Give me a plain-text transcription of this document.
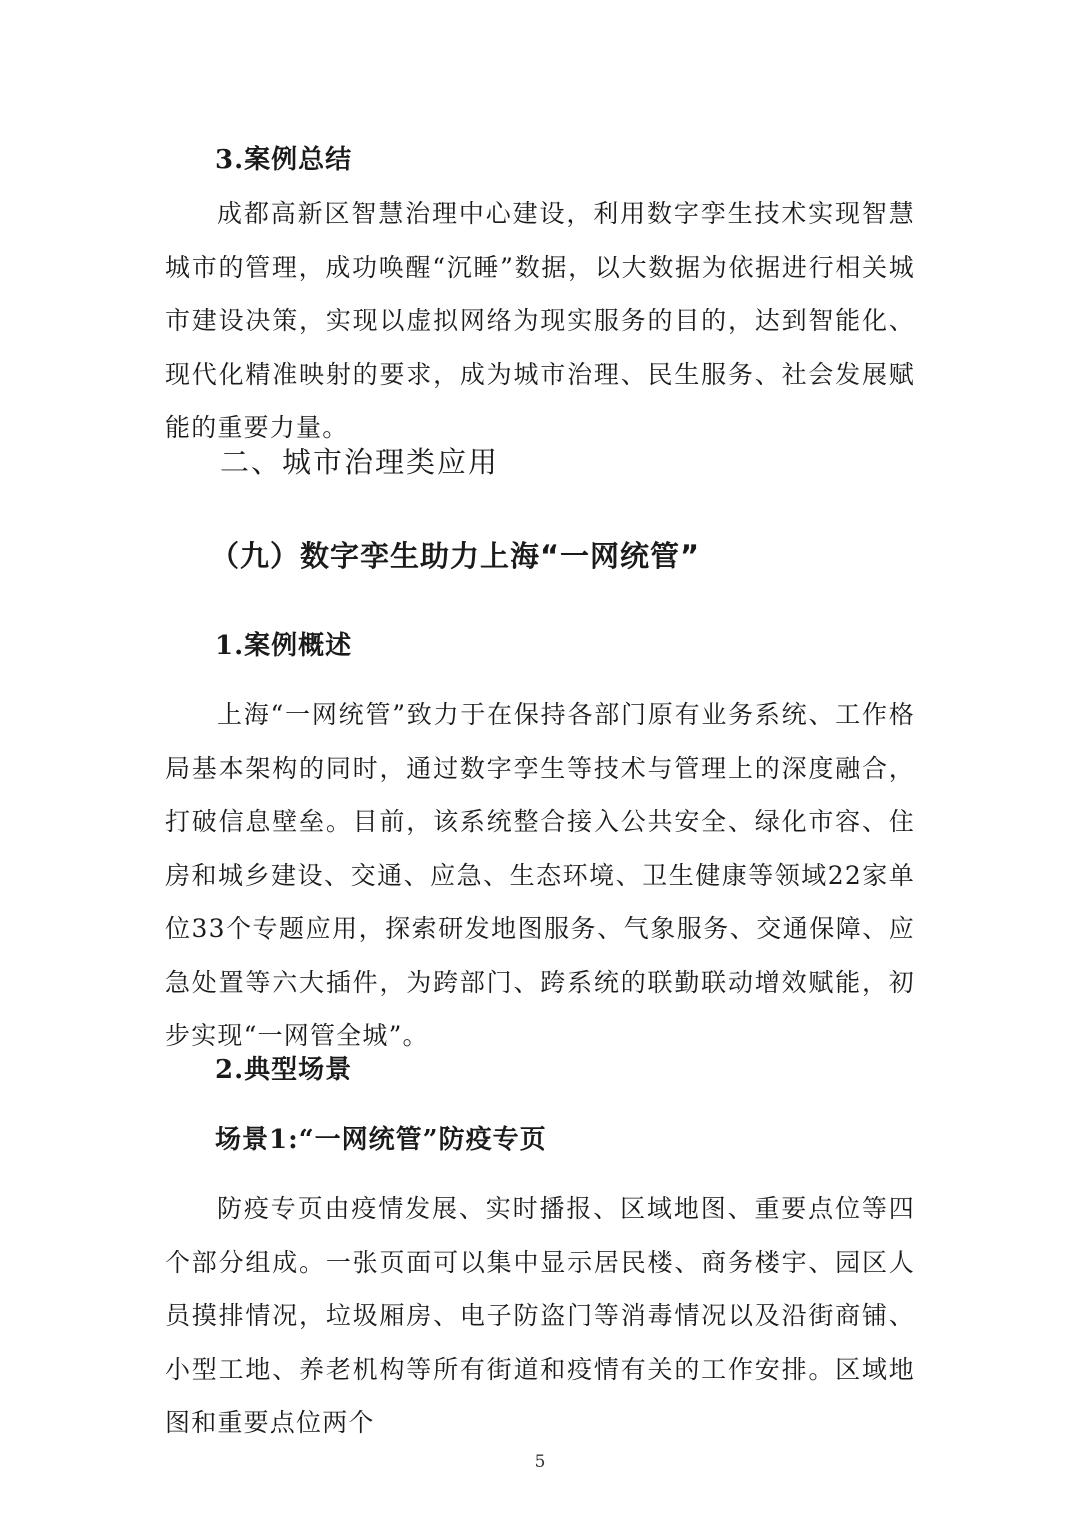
3.案例总结

成都高新区智慧治理中心建设，利用数字孪生技术实现智慧城市的管理，成功唤醒“沉睡”数据，以大数据为依据进行相关城市建设决策，实现以虚拟网络为现实服务的目的，达到智能化、现代化精准映射的要求，成为城市治理、民生服务、社会发展赋能的重要力量。

二、城市治理类应用
（九）数字孪生助力上海“一网统管”
1.案例概述

上海“一网统管”致力于在保持各部门原有业务系统、工作格局基本架构的同时，通过数字孪生等技术与管理上的深度融合，打破信息壁垒。目前，该系统整合接入公共安全、绿化市容、住房和城乡建设、交通、应急、生态环境、卫生健康等领域22家单位33个专题应用，探索研发地图服务、气象服务、交通保障、应急处置等六大插件，为跨部门、跨系统的联勤联动增效赋能，初步实现“一网管全城”。

2.典型场景
场景1:“一网统管”防疫专页

防疫专页由疫情发展、实时播报、区域地图、重要点位等四个部分组成。一张页面可以集中显示居民楼、商务楼宇、园区人员摸排情况，垃圾厢房、电子防盗门等消毒情况以及沿街商铺、小型工地、养老机构等所有街道和疫情有关的工作安排。区域地图和重要点位两个

5
